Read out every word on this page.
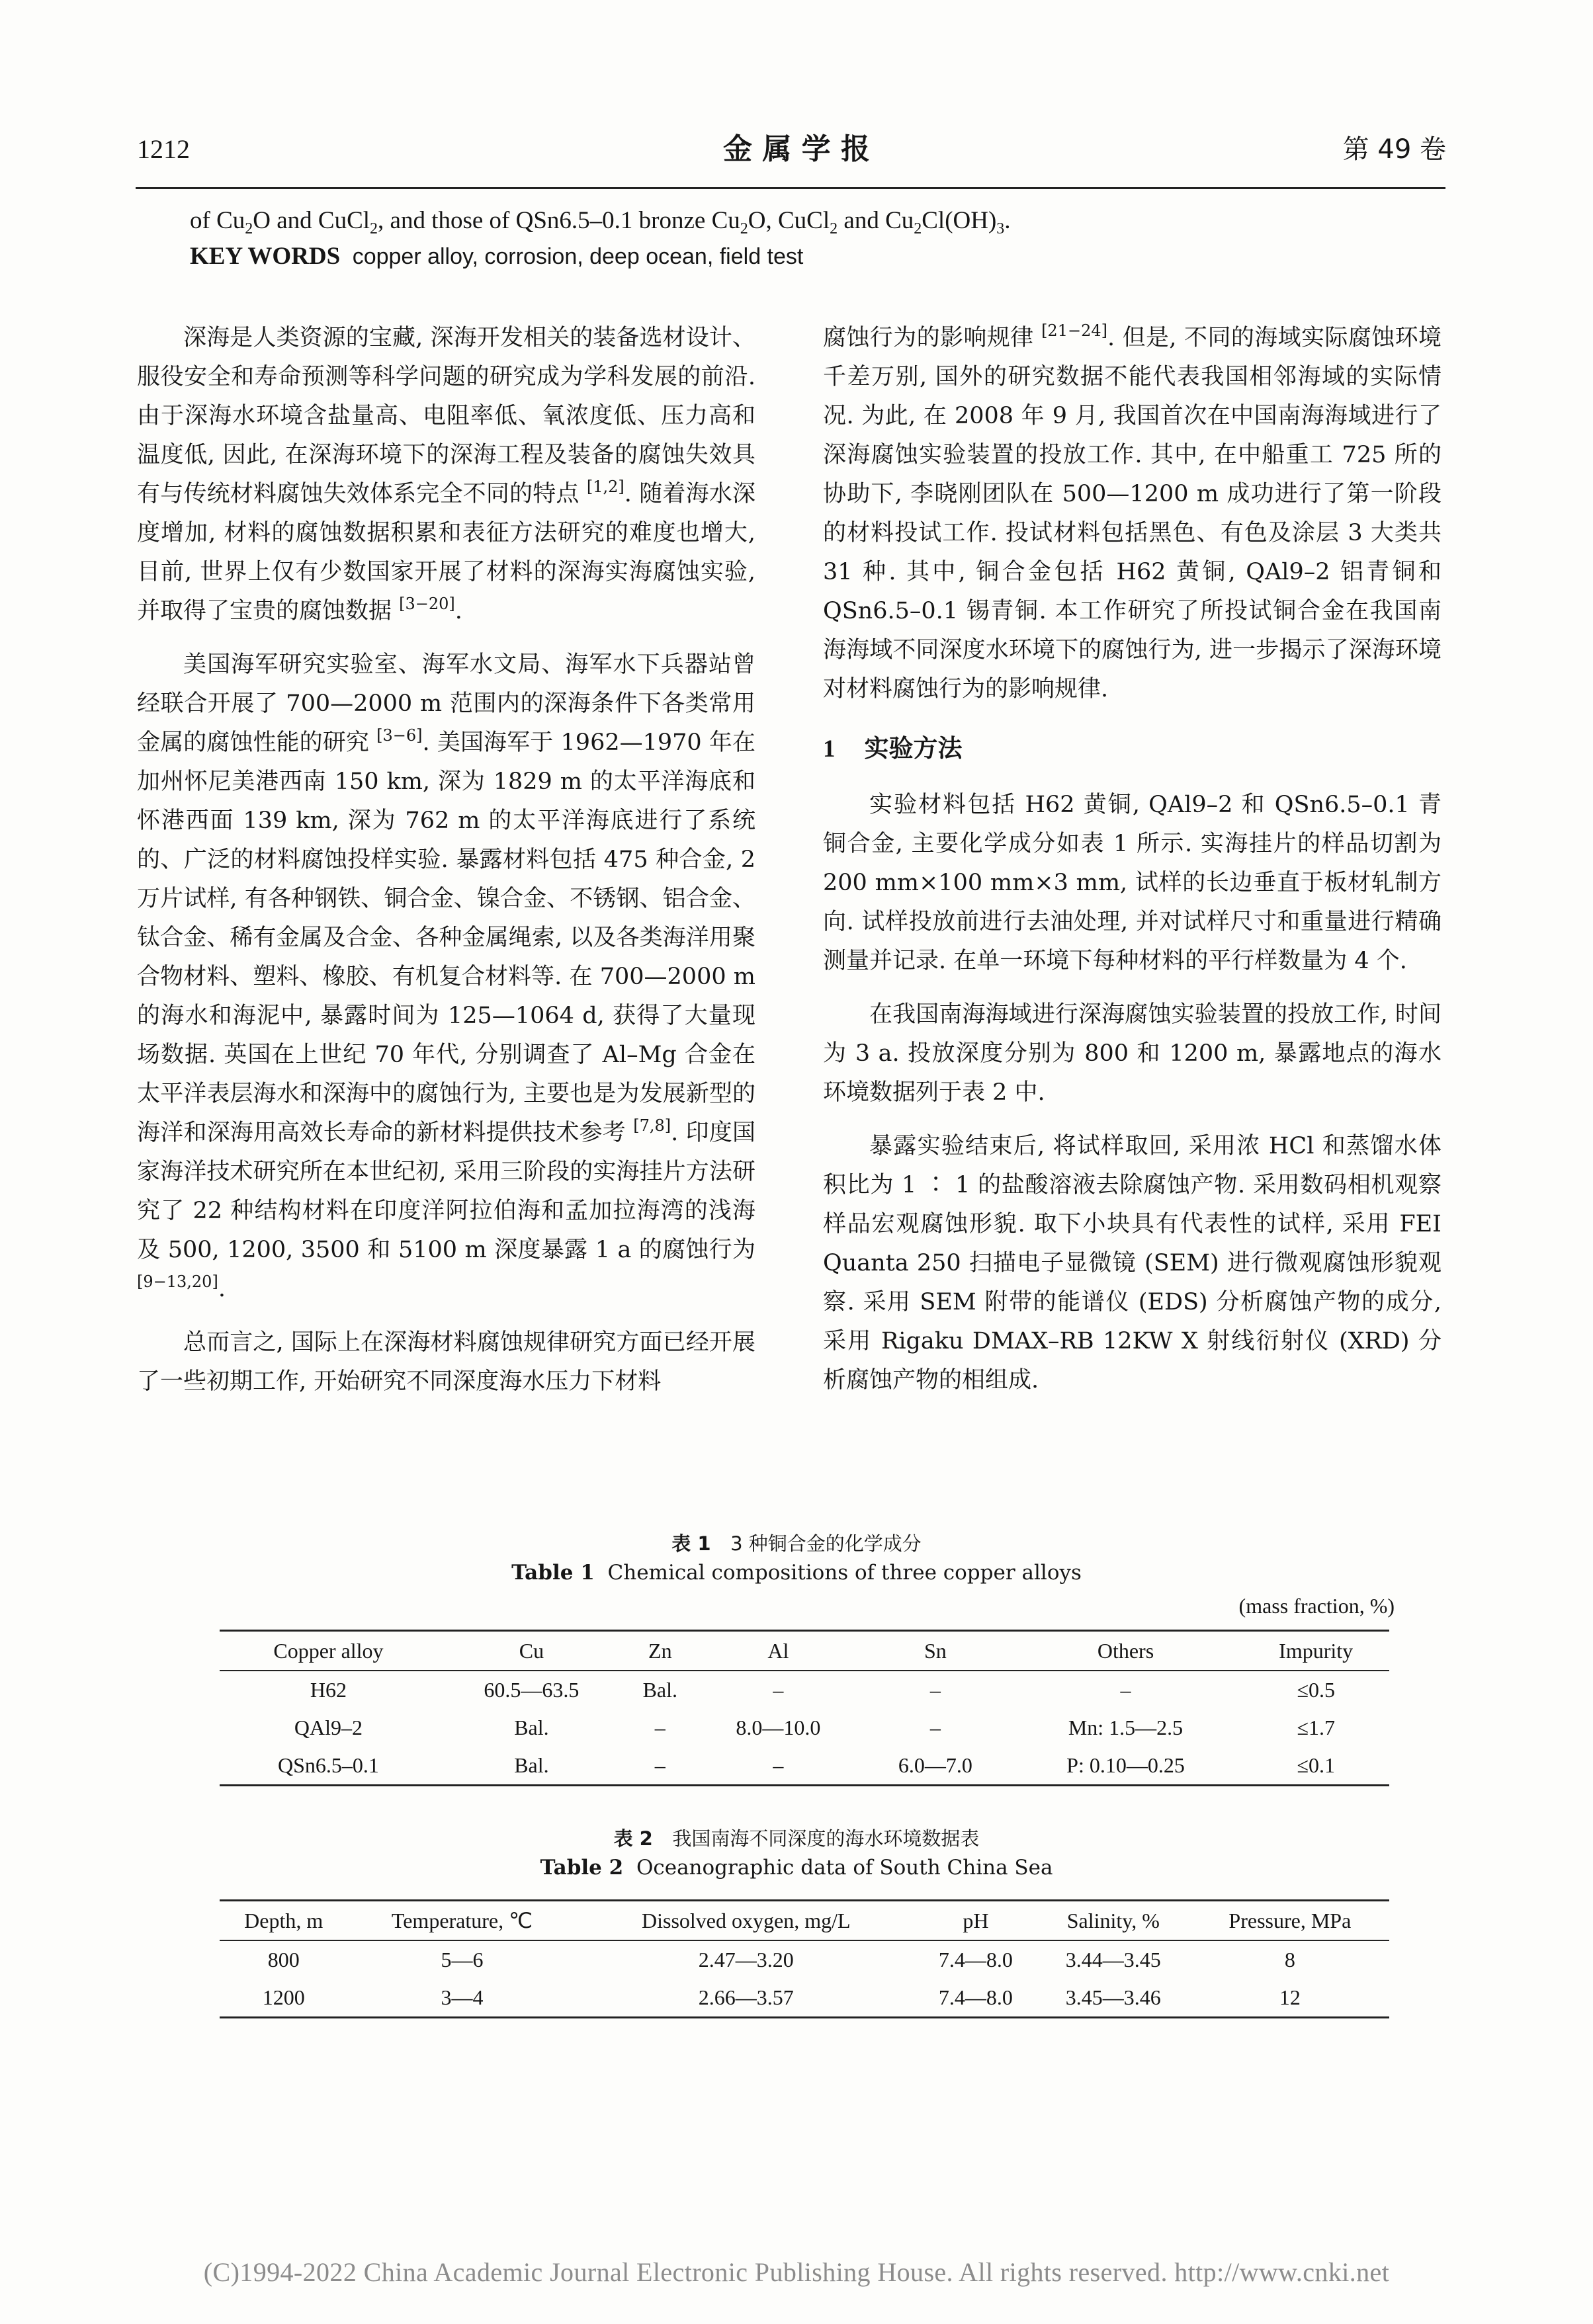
1212	金 属 学 报	第 49 卷
of $Cu_2O$ and CuCl$_2$, and those of QSn6.5–0.1 bronze $Cu_2O$, CuCl$_2$ and $Cu_2Cl(OH)_3$.
KEY WORDS copper alloy, corrosion, deep ocean, field test

深海是人类资源的宝藏, 深海开发相关的装备选材设计、服役安全和寿命预测等科学问题的研究成为学科发展的前沿. 由于深海水环境含盐量高、电阻率低、氧浓度低、压力高和温度低, 因此, 在深海环境下的深海工程及装备的腐蚀失效具有与传统材料腐蚀失效体系完全不同的特点 [1,2]. 随着海水深度增加, 材料的腐蚀数据积累和表征方法研究的难度也增大, 目前, 世界上仅有少数国家开展了材料的深海实海腐蚀实验, 并取得了宝贵的腐蚀数据 [3−20].

美国海军研究实验室、海军水文局、海军水下兵器站曾经联合开展了 700—2000 m 范围内的深海条件下各类常用金属的腐蚀性能的研究 [3−6]. 美国海军于 1962—1970 年在加州怀尼美港西南 150 km, 深为 1829 m 的太平洋海底和怀港西面 139 km, 深为 762 m 的太平洋海底进行了系统的、广泛的材料腐蚀投样实验. 暴露材料包括 475 种合金, 2 万片试样, 有各种钢铁、铜合金、镍合金、不锈钢、铝合金、钛合金、稀有金属及合金、各种金属绳索, 以及各类海洋用聚合物材料、塑料、橡胶、有机复合材料等. 在 700—2000 m 的海水和海泥中, 暴露时间为 125—1064 d, 获得了大量现场数据. 英国在上世纪 70 年代, 分别调查了 Al–Mg 合金在太平洋表层海水和深海中的腐蚀行为, 主要也是为发展新型的海洋和深海用高效长寿命的新材料提供技术参考 [7,8]. 印度国家海洋技术研究所在本世纪初, 采用三阶段的实海挂片方法研究了 22 种结构材料在印度洋阿拉伯海和孟加拉海湾的浅海及 500, 1200, 3500 和 5100 m 深度暴露 1 a 的腐蚀行为 [9−13,20].

总而言之, 国际上在深海材料腐蚀规律研究方面已经开展了一些初期工作, 开始研究不同深度海水压力下材料

腐蚀行为的影响规律 [21−24]. 但是, 不同的海域实际腐蚀环境千差万别, 国外的研究数据不能代表我国相邻海域的实际情况. 为此, 在 2008 年 9 月, 我国首次在中国南海海域进行了深海腐蚀实验装置的投放工作. 其中, 在中船重工 725 所的协助下, 李晓刚团队在 500—1200 m 成功进行了第一阶段的材料投试工作. 投试材料包括黑色、有色及涂层 3 大类共 31 种. 其中, 铜合金包括 H62 黄铜, QAl9–2 铝青铜和 QSn6.5–0.1 锡青铜. 本工作研究了所投试铜合金在我国南海海域不同深度水环境下的腐蚀行为, 进一步揭示了深海环境对材料腐蚀行为的影响规律.

1 实验方法

实验材料包括 H62 黄铜, QAl9–2 和 QSn6.5–0.1 青铜合金, 主要化学成分如表 1 所示. 实海挂片的样品切割为 200 mm×100 mm×3 mm, 试样的长边垂直于板材轧制方向. 试样投放前进行去油处理, 并对试样尺寸和重量进行精确测量并记录. 在单一环境下每种材料的平行样数量为 4 个.

在我国南海海域进行深海腐蚀实验装置的投放工作, 时间为 3 a. 投放深度分别为 800 和 1200 m, 暴露地点的海水环境数据列于表 2 中.

暴露实验结束后, 将试样取回, 采用浓 HCl 和蒸馏水体积比为 1 ∶ 1 的盐酸溶液去除腐蚀产物. 采用数码相机观察样品宏观腐蚀形貌. 取下小块具有代表性的试样, 采用 FEI Quanta 250 扫描电子显微镜 (SEM) 进行微观腐蚀形貌观察. 采用 SEM 附带的能谱仪 (EDS) 分析腐蚀产物的成分, 采用 Rigaku DMAX–RB 12KW X 射线衍射仪 (XRD) 分析腐蚀产物的相组成.

表 1 3 种铜合金的化学成分
Table 1 Chemical compositions of three copper alloys
(mass fraction, %)
Copper alloy	Cu	Zn	Al	Sn	Others	Impurity
H62	60.5—63.5	Bal.	–	–	–	≤0.5
QAl9–2	Bal.	–	8.0—10.0	–	Mn: 1.5—2.5	≤1.7
QSn6.5–0.1	Bal.	–	–	6.0—7.0	P: 0.10—0.25	≤0.1
表 2 我国南海不同深度的海水环境数据表
Table 2 Oceanographic data of South China Sea
Depth, m	Temperature, ℃	Dissolved oxygen, mg/L	pH	Salinity, %	Pressure, MPa
800	5—6	2.47—3.20	7.4—8.0	3.44—3.45	8
1200	3—4	2.66—3.57	7.4—8.0	3.45—3.46	12
(C)1994-2022 China Academic Journal Electronic Publishing House. All rights reserved. http://www.cnki.net
